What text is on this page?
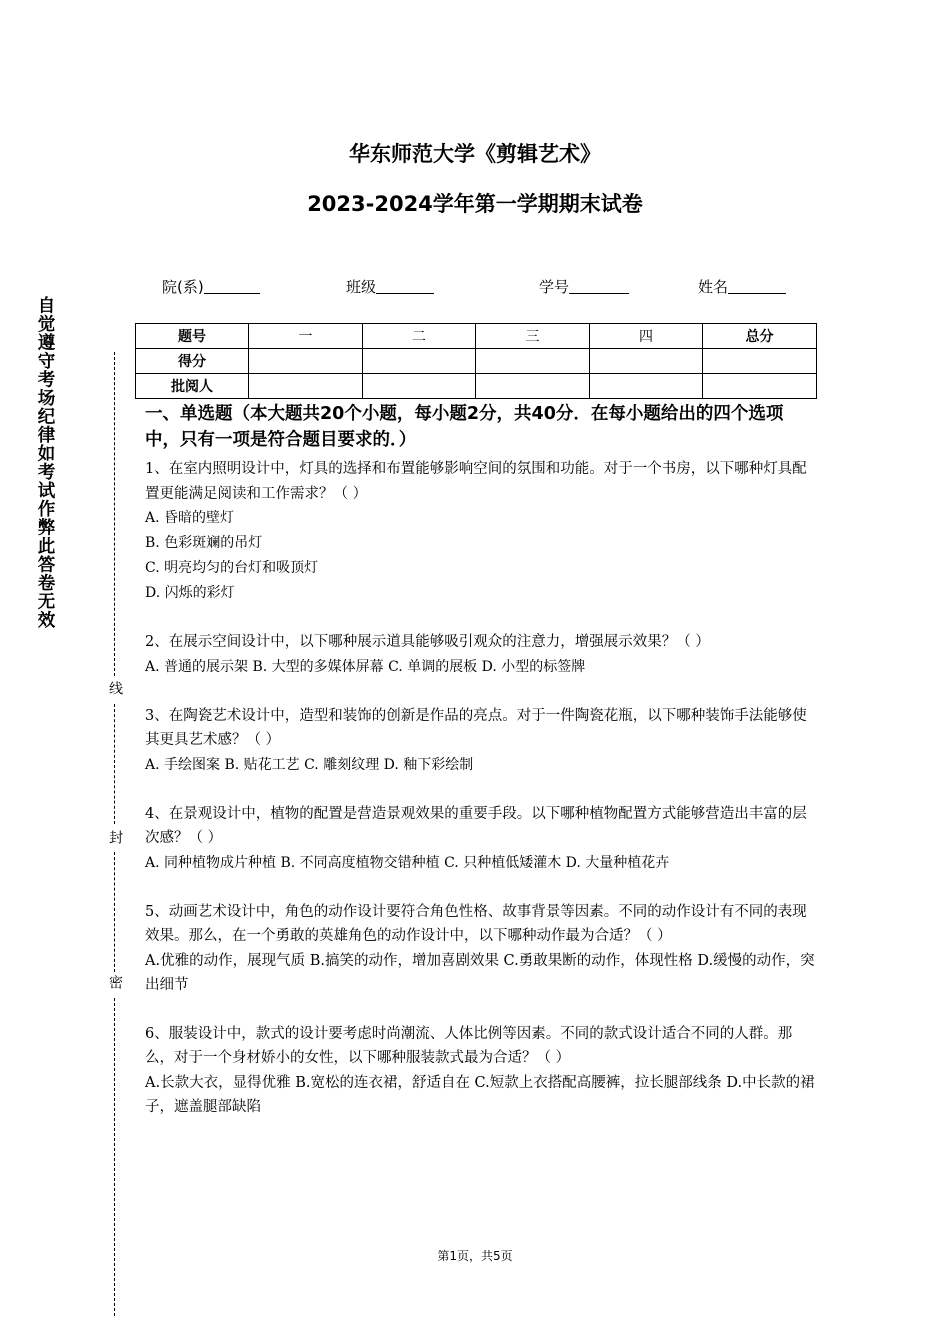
华东师范大学《剪辑艺术》
2023-2024学年第一学期期末试卷
院(系)	班级	学号	姓名
题号	一	二	三	四	总分
得分					
批阅人					
自觉遵守考场纪律如考试作弊此答卷无效
线
封
密

一、单选题（本大题共20个小题，每小题2分，共40分．在每小题给出的四个选项中，只有一项是符合题目要求的．）

1、在室内照明设计中，灯具的选择和布置能够影响空间的氛围和功能。对于一个书房，以下哪种灯具配置更能满足阅读和工作需求？（ ）

A. 昏暗的壁灯

B. 色彩斑斓的吊灯

C. 明亮均匀的台灯和吸顶灯

D. 闪烁的彩灯

2、在展示空间设计中，以下哪种展示道具能够吸引观众的注意力，增强展示效果？（ ）

A. 普通的展示架 B. 大型的多媒体屏幕 C. 单调的展板 D. 小型的标签牌

3、在陶瓷艺术设计中，造型和装饰的创新是作品的亮点。对于一件陶瓷花瓶，以下哪种装饰手法能够使其更具艺术感？（ ）

A. 手绘图案 B. 贴花工艺 C. 雕刻纹理 D. 釉下彩绘制

4、在景观设计中，植物的配置是营造景观效果的重要手段。以下哪种植物配置方式能够营造出丰富的层次感？（ ）

A. 同种植物成片种植 B. 不同高度植物交错种植 C. 只种植低矮灌木 D. 大量种植花卉

5、动画艺术设计中，角色的动作设计要符合角色性格、故事背景等因素。不同的动作设计有不同的表现效果。那么，在一个勇敢的英雄角色的动作设计中，以下哪种动作最为合适？（ ）

A.优雅的动作，展现气质 B.搞笑的动作，增加喜剧效果 C.勇敢果断的动作，体现性格 D.缓慢的动作，突出细节

6、服装设计中，款式的设计要考虑时尚潮流、人体比例等因素。不同的款式设计适合不同的人群。那么，对于一个身材娇小的女性，以下哪种服装款式最为合适？（ ）

A.长款大衣，显得优雅 B.宽松的连衣裙，舒适自在 C.短款上衣搭配高腰裤，拉长腿部线条 D.中长款的裙子，遮盖腿部缺陷

第1页，共5页
